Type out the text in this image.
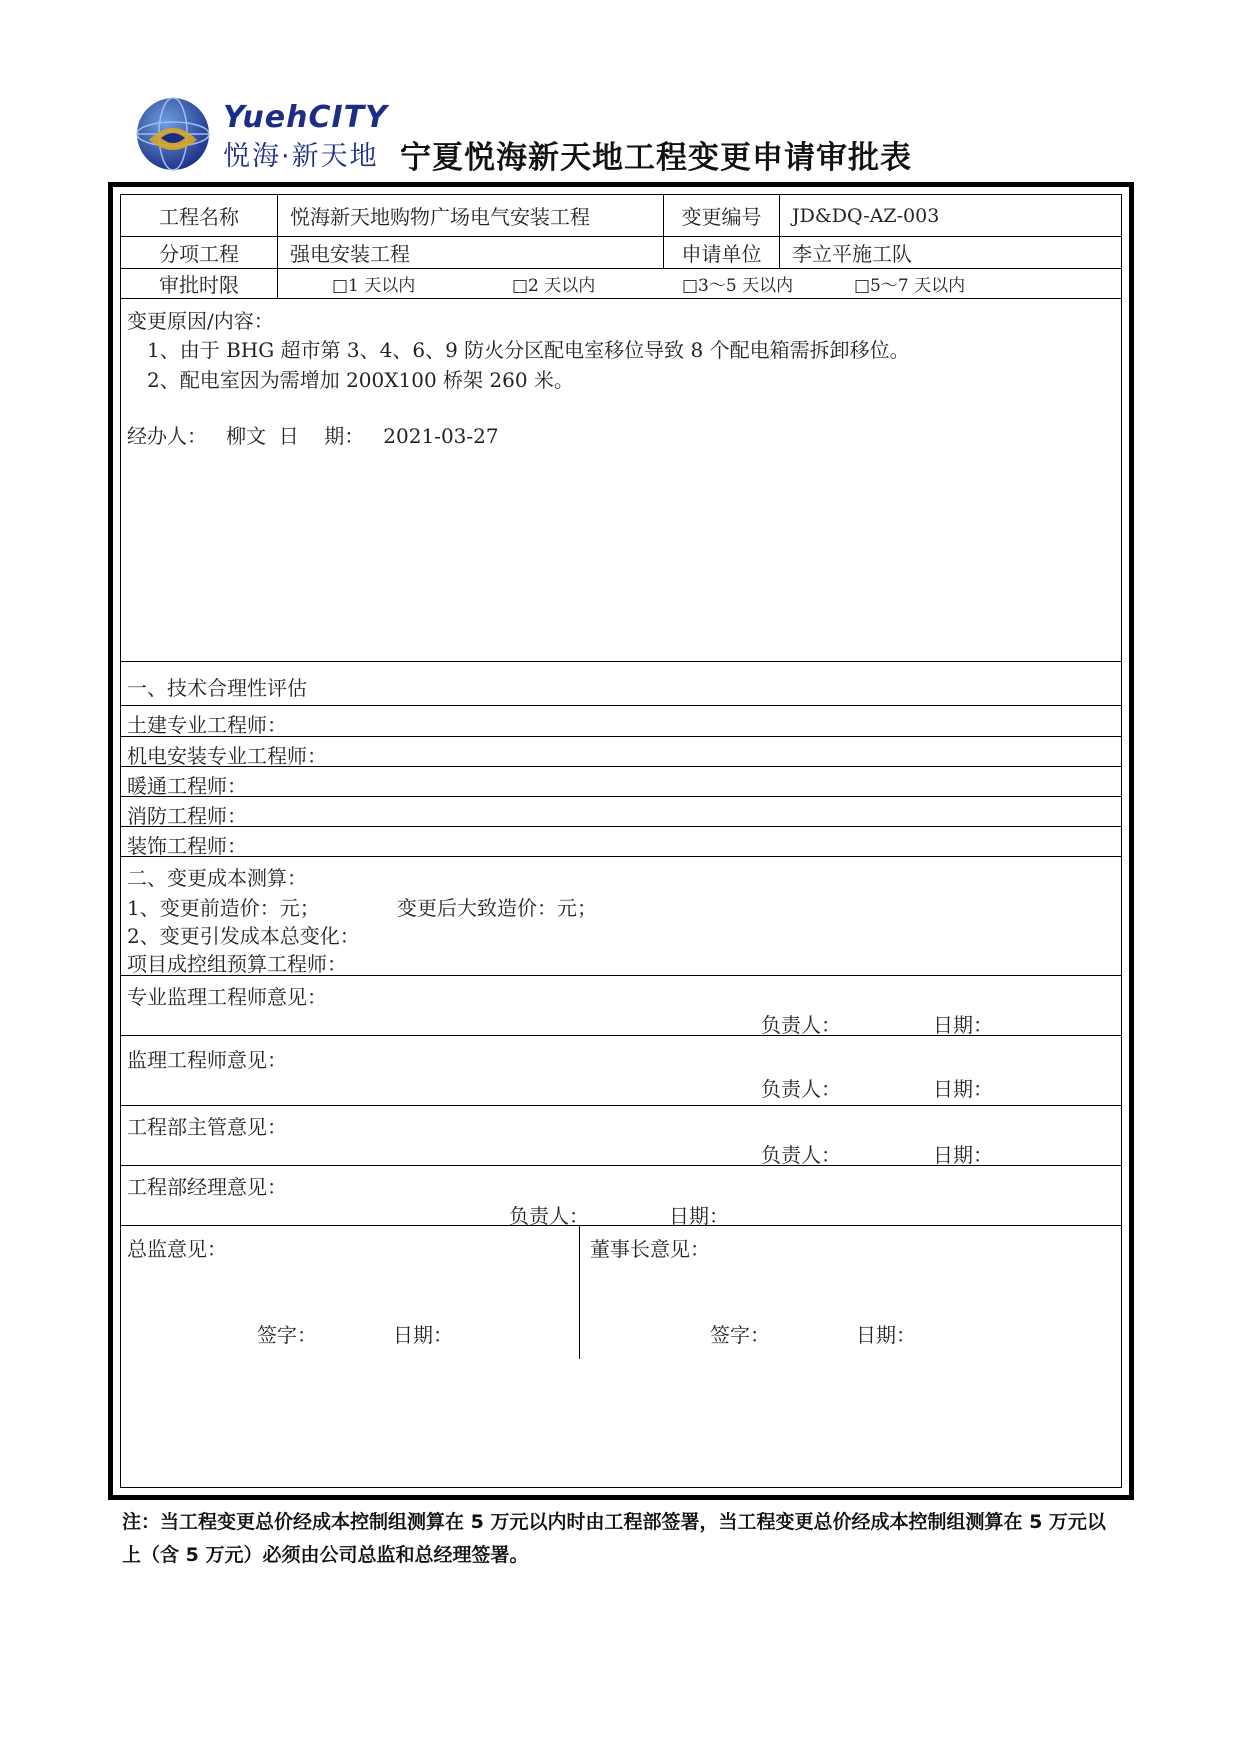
YuehCITY
悦海·新天地 宁夏悦海新天地工程变更申请审批表
工程名称	悦海新天地购物广场电气安装工程	变更编号	JD&DQ-AZ-003
分项工程	强电安装工程	申请单位	李立平施工队
审批时限	□1 天以内	□2 天以内	□3～5 天以内	□5～7 天以内
变更原因/内容：
1、由于 BHG 超市第 3、4、6、9 防火分区配电室移位导致 8 个配电箱需拆卸移位。
2、配电室因为需增加 200X100 桥架 260 米。
经办人：   柳文  日    期：   2021-03-27
一、技术合理性评估
土建专业工程师：
机电安装专业工程师：
暖通工程师：
消防工程师：
装饰工程师：
二、变更成本测算：
1、变更前造价：元；	变更后大致造价：元；
2、变更引发成本总变化：
项目成控组预算工程师：
专业监理工程师意见：
负责人：	日期：
监理工程师意见：
负责人：	日期：
工程部主管意见：
负责人：	日期：
工程部经理意见：
负责人：	日期：
总监意见：
签字：	日期：
董事长意见：
签字：	日期：
注：当工程变更总价经成本控制组测算在 5 万元以内时由工程部签署，当工程变更总价经成本控制组测算在 5 万元以上（含 5 万元）必须由公司总监和总经理签署。
